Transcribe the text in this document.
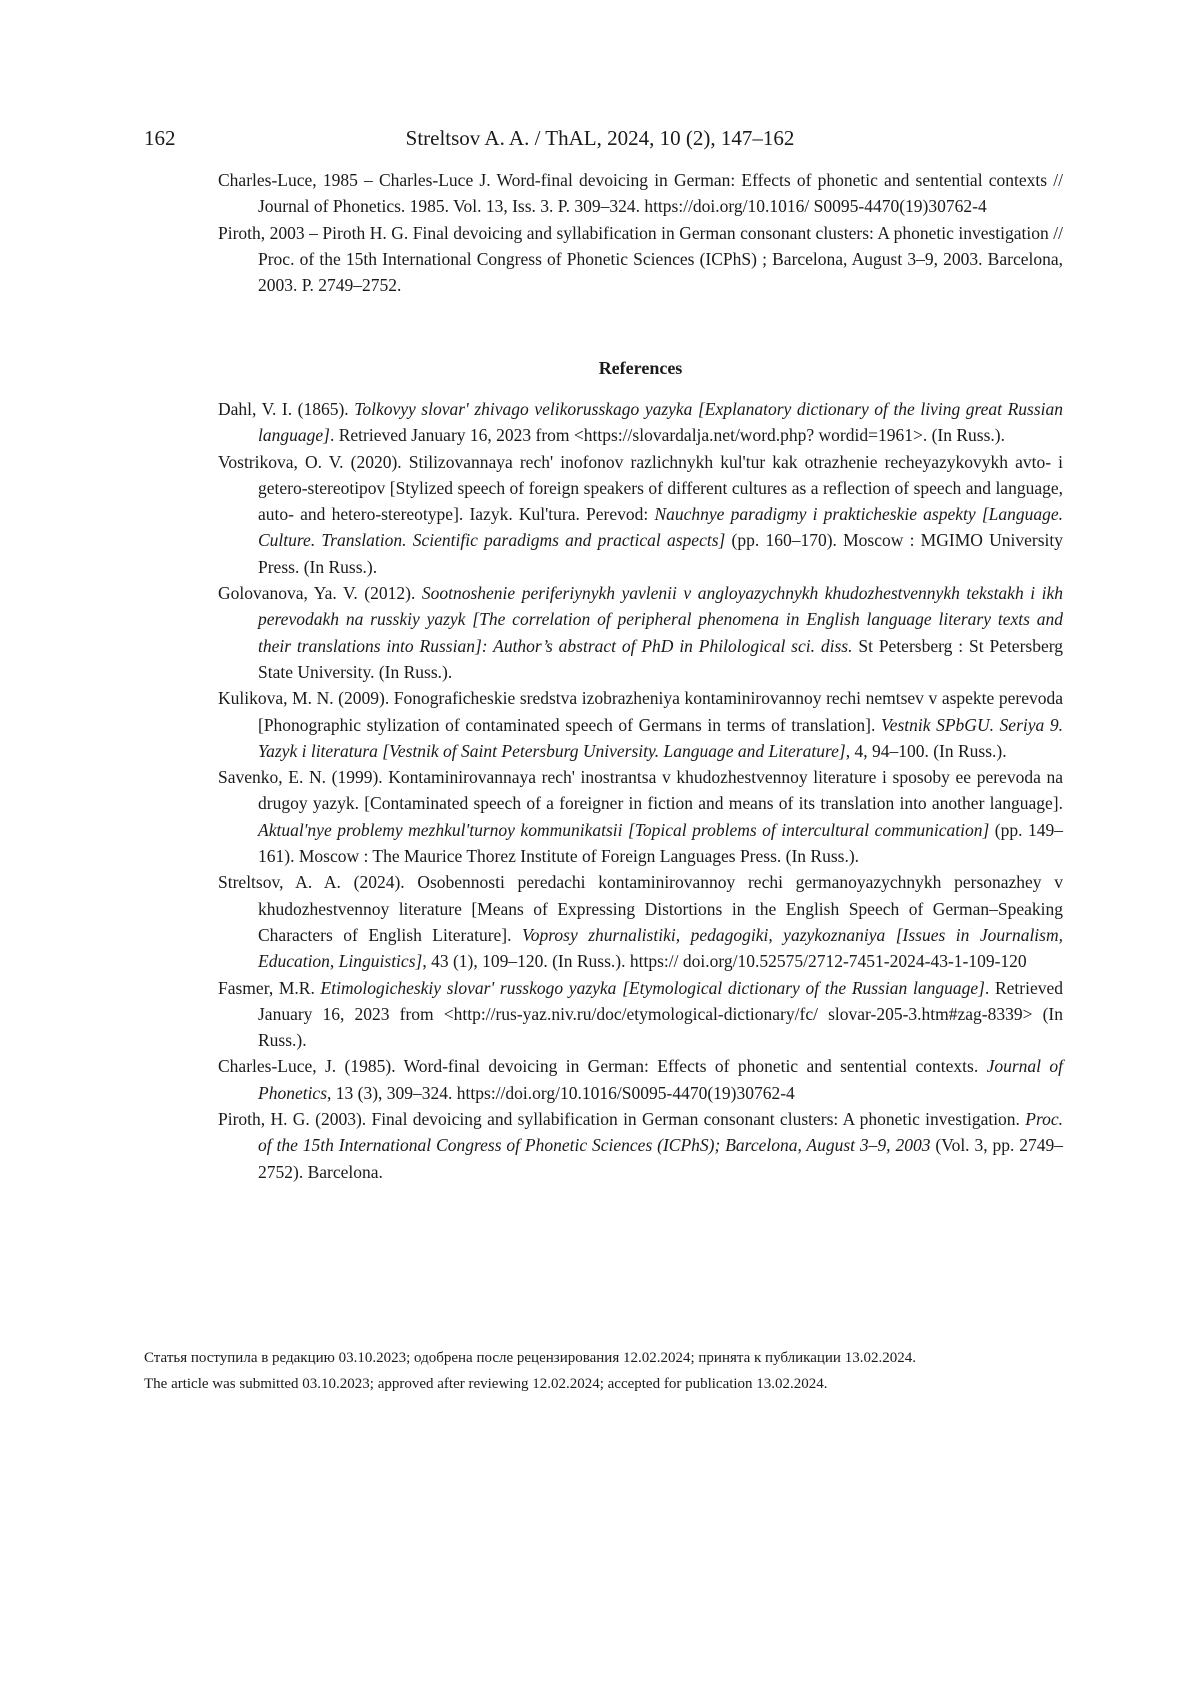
162	Streltsov A. A. / ThAL, 2024, 10 (2), 147–162

Charles-Luce, 1985 – Charles-Luce J. Word-final devoicing in German: Effects of phonetic and sentential contexts // Journal of Phonetics. 1985. Vol. 13, Iss. 3. P. 309–324. https://doi.org/10.1016/ S0095-4470(19)30762-4

Piroth, 2003 – Piroth H. G. Final devoicing and syllabification in German consonant clusters: A phonetic investigation // Proc. of the 15th International Congress of Phonetic Sciences (ICPhS) ; Barcelona, August 3–9, 2003. Barcelona, 2003. P. 2749–2752.

References

Dahl, V. I. (1865). Tolkovyy slovar' zhivago velikorusskago yazyka [Explanatory dictionary of the living great Russian language]. Retrieved January 16, 2023 from <https://slovardalja.net/word.php? wordid=1961>. (In Russ.).

Vostrikova, O. V. (2020). Stilizovannaya rech' inofonov razlichnykh kul'tur kak otrazhenie recheyazykovykh avto- i getero-stereotipov [Stylized speech of foreign speakers of different cultures as a reflection of speech and language, auto- and hetero-stereotype]. Iazyk. Kul'tura. Perevod: Nauchnye paradigmy i prakticheskie aspekty [Language. Culture. Translation. Scientific paradigms and practical aspects] (pp. 160–170). Moscow : MGIMO University Press. (In Russ.).

Golovanova, Ya. V. (2012). Sootnoshenie periferiynykh yavlenii v angloyazychnykh khudozhestvennykh tekstakh i ikh perevodakh na russkiy yazyk [The correlation of peripheral phenomena in English language literary texts and their translations into Russian]: Author’s abstract of PhD in Philological sci. diss. St Petersberg : St Petersberg State University. (In Russ.).

Kulikova, M. N. (2009). Fonograficheskie sredstva izobrazheniya kontaminirovannoy rechi nemtsev v aspekte perevoda [Phonographic stylization of contaminated speech of Germans in terms of translation]. Vestnik SPbGU. Seriya 9. Yazyk i literatura [Vestnik of Saint Petersburg University. Language and Literature], 4, 94–100. (In Russ.).

Savenko, E. N. (1999). Kontaminirovannaya rech' inostrantsa v khudozhestvennoy literature i sposoby ee perevoda na drugoy yazyk. [Contaminated speech of a foreigner in fiction and means of its translation into another language]. Aktual'nye problemy mezhkul'turnoy kommunikatsii [Topical problems of intercultural communication] (pp. 149–161). Moscow : The Maurice Thorez Institute of Foreign Languages Press. (In Russ.).

Streltsov, A. A. (2024). Osobennosti peredachi kontaminirovannoy rechi germanoyazychnykh personazhey v khudozhestvennoy literature [Means of Expressing Distortions in the English Speech of German–Speaking Characters of English Literature]. Voprosy zhurnalistiki, pedagogiki, yazykoznaniya [Issues in Journalism, Education, Linguistics], 43 (1), 109–120. (In Russ.). https:// doi.org/10.52575/2712-7451-2024-43-1-109-120

Fasmer, M.R. Etimologicheskiy slovar' russkogo yazyka [Etymological dictionary of the Russian language]. Retrieved January 16, 2023 from <http://rus-yaz.niv.ru/doc/etymological-dictionary/fc/ slovar-205-3.htm#zag-8339> (In Russ.).

Charles-Luce, J. (1985). Word-final devoicing in German: Effects of phonetic and sentential contexts. Journal of Phonetics, 13 (3), 309–324. https://doi.org/10.1016/S0095-4470(19)30762-4

Piroth, H. G. (2003). Final devoicing and syllabification in German consonant clusters: A phonetic investigation. Proc. of the 15th International Congress of Phonetic Sciences (ICPhS); Barcelona, August 3–9, 2003 (Vol. 3, pp. 2749–2752). Barcelona.

Статья поступила в редакцию 03.10.2023; одобрена после рецензирования 12.02.2024; принята к публикации 13.02.2024.

The article was submitted 03.10.2023; approved after reviewing 12.02.2024; accepted for publication 13.02.2024.
